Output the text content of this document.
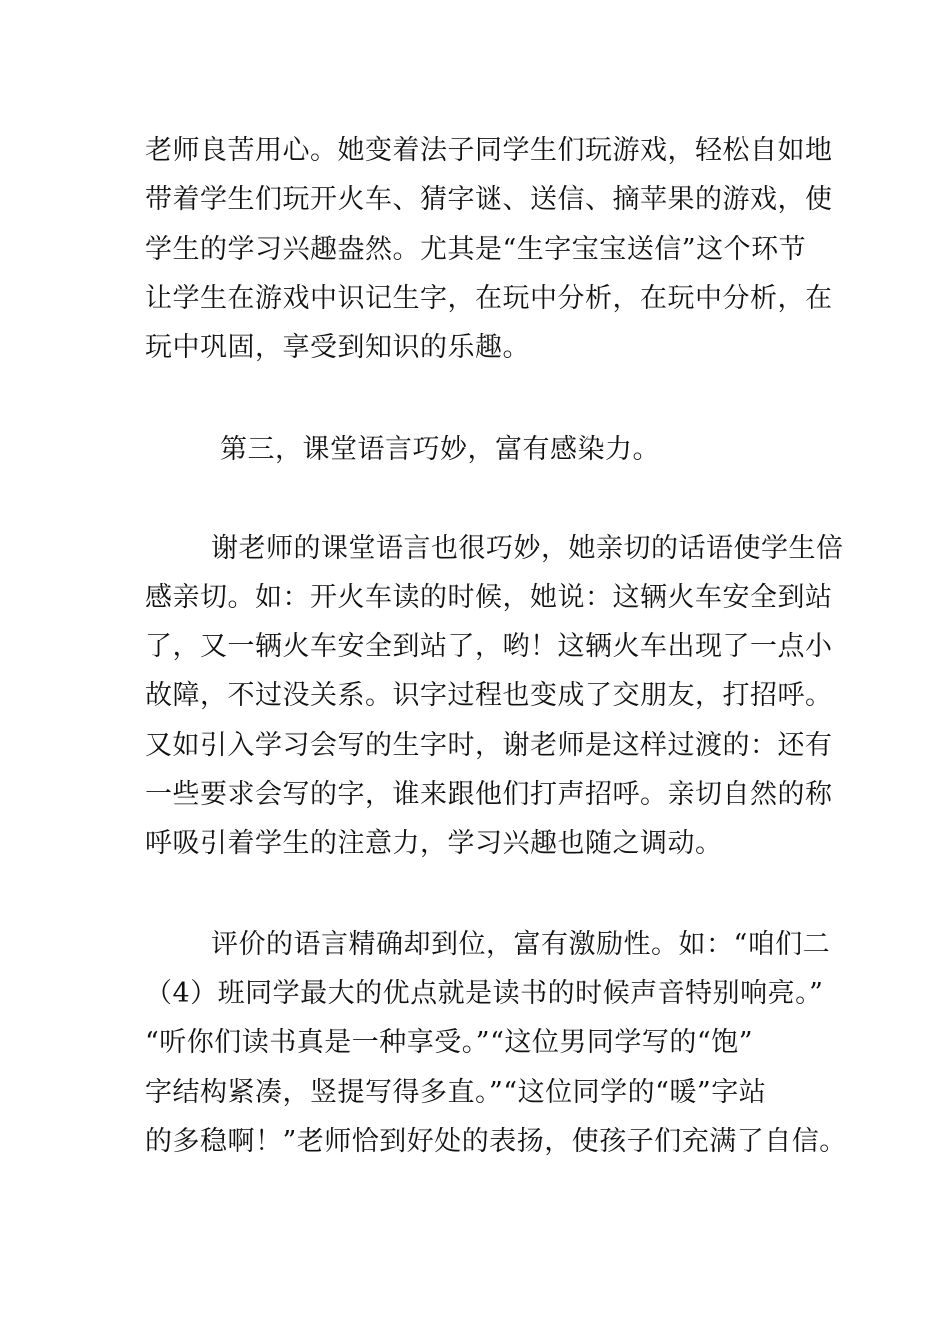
老师良苦用心。她变着法子同学生们玩游戏，轻松自如地
带着学生们玩开火车、猜字谜、送信、摘苹果的游戏，使
学生的学习兴趣盎然。尤其是“生字宝宝送信”这个环节
让学生在游戏中识记生字，在玩中分析，在玩中分析，在
玩中巩固，享受到知识的乐趣。
第三，课堂语言巧妙，富有感染力。
谢老师的课堂语言也很巧妙，她亲切的话语使学生倍
感亲切。如：开火车读的时候，她说：这辆火车安全到站
了，又一辆火车安全到站了，哟！这辆火车出现了一点小
故障，不过没关系。识字过程也变成了交朋友，打招呼。
又如引入学习会写的生字时，谢老师是这样过渡的：还有
一些要求会写的字，谁来跟他们打声招呼。亲切自然的称
呼吸引着学生的注意力，学习兴趣也随之调动。
评价的语言精确却到位，富有激励性。如：“咱们二
（4）班同学最大的优点就是读书的时候声音特别响亮。”
“听你们读书真是一种享受。”“这位男同学写的“饱”
字结构紧凑，竖提写得多直。”“这位同学的“暖”字站
的多稳啊！”老师恰到好处的表扬，使孩子们充满了自信。
